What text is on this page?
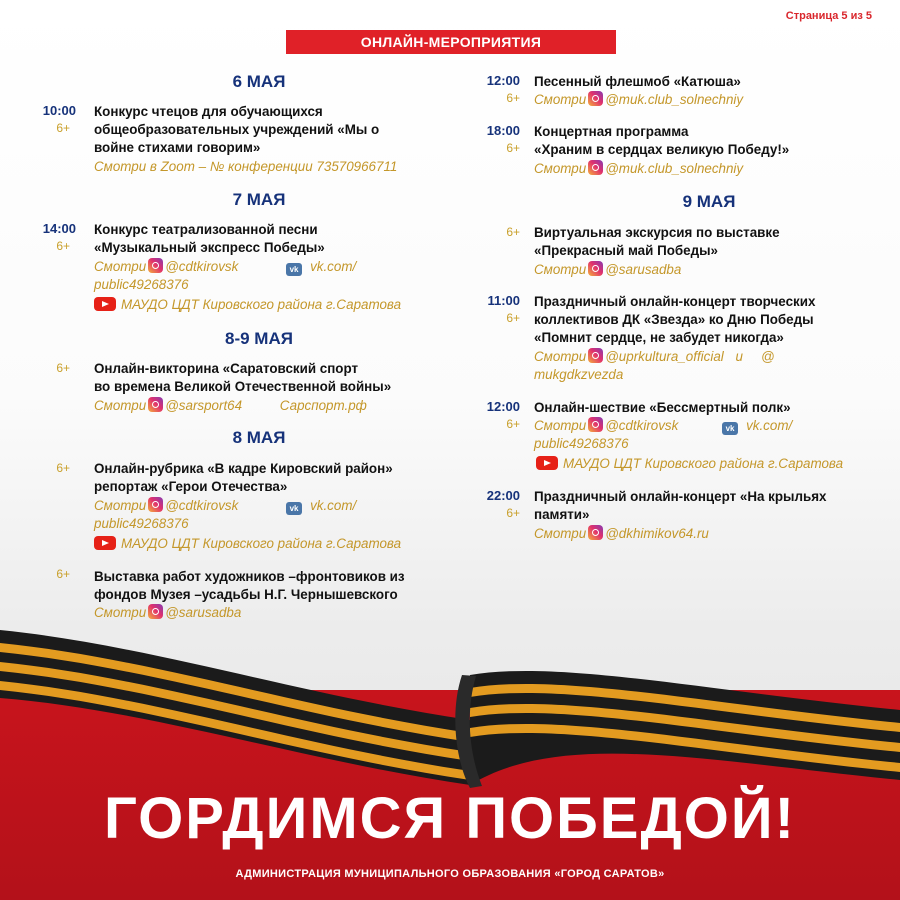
Страница 5 из 5
ОНЛАЙН-МЕРОПРИЯТИЯ
6 МАЯ
10:00
6+
Конкурс чтецов для обучающихся
общеобразовательных учреждений «Мы о
войне стихами говорим»
Смотри в Zoom – № конференции 73570966711
7 МАЯ
14:00
6+
Конкурс театрализованной песни
«Музыкальный экспресс Победы»
Смотри @cdtkirovsk	vk vk.com/
public49268376
МАУДО ЦДТ Кировского района г.Саратова
8-9 МАЯ
6+ Онлайн-викторина «Саратовский спорт
во времена Великой Отечественной войны»
Смотри @sarsport64	Сарспорт.рф
8 МАЯ
6+ Онлайн-рубрика «В кадре Кировский район»
репортаж «Герои Отечества»
Смотри @cdtkirovsk	vk vk.com/
public49268376
МАУДО ЦДТ Кировского района г.Саратова
6+ Выставка работ художников –фронтовиков из
фондов Музея –усадьбы Н.Г. Чернышевского
Смотри @sarusadba
12:00
6+
Песенный флешмоб «Катюша»
Смотри @muk.club_solnechniy
18:00
6+
Концертная программа
«Храним в сердцах великую Победу!»
Смотри @muk.club_solnechniy
9 МАЯ
6+ Виртуальная экскурсия по выставке
«Прекрасный май Победы»
Смотри @sarusadba
11:00
6+
Праздничный онлайн-концерт творческих
коллективов ДК «Звезда» ко Дню Победы
«Помнит сердце, не забудет никогда»
Смотри @uprkultura_official и @
mukgdkzvezda
12:00
6+
Онлайн-шествие «Бессмертный полк»
Смотри @cdtkirovsk	vk vk.com/
public49268376
МАУДО ЦДТ Кировского района г.Саратова
22:00
6+
Праздничный онлайн-концерт «На крыльях
памяти»
Смотри @dkhimikov64.ru
ГОРДИМСЯ ПОБЕДОЙ!
АДМИНИСТРАЦИЯ МУНИЦИПАЛЬНОГО ОБРАЗОВАНИЯ «ГОРОД САРАТОВ»
